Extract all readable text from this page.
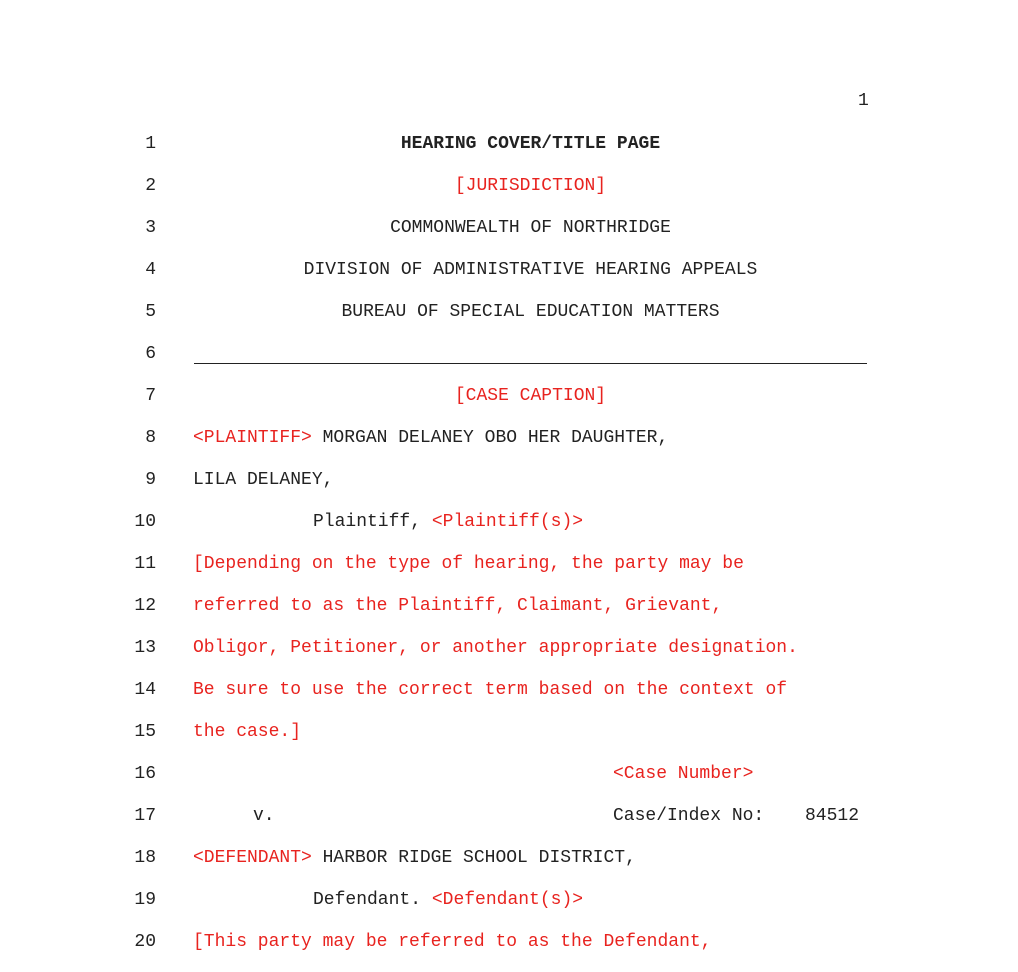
1
1
2
3
4
5
6
7
8
9
10
11
12
13
14
15
16
17
18
19
20
HEARING COVER/TITLE PAGE
[JURISDICTION]
COMMONWEALTH OF NORTHRIDGE
DIVISION OF ADMINISTRATIVE HEARING APPEALS
BUREAU OF SPECIAL EDUCATION MATTERS
[CASE CAPTION]
<PLAINTIFF> MORGAN DELANEY OBO HER DAUGHTER,
LILA DELANEY,
Plaintiff, <Plaintiff(s)>
[Depending on the type of hearing, the party may be
referred to as the Plaintiff, Claimant, Grievant,
Obligor, Petitioner, or another appropriate designation.
Be sure to use the correct term based on the context of
the case.]
<Case Number>
v.	Case/Index No: 84512
<DEFENDANT> HARBOR RIDGE SCHOOL DISTRICT,
Defendant. <Defendant(s)>
[This party may be referred to as the Defendant,
